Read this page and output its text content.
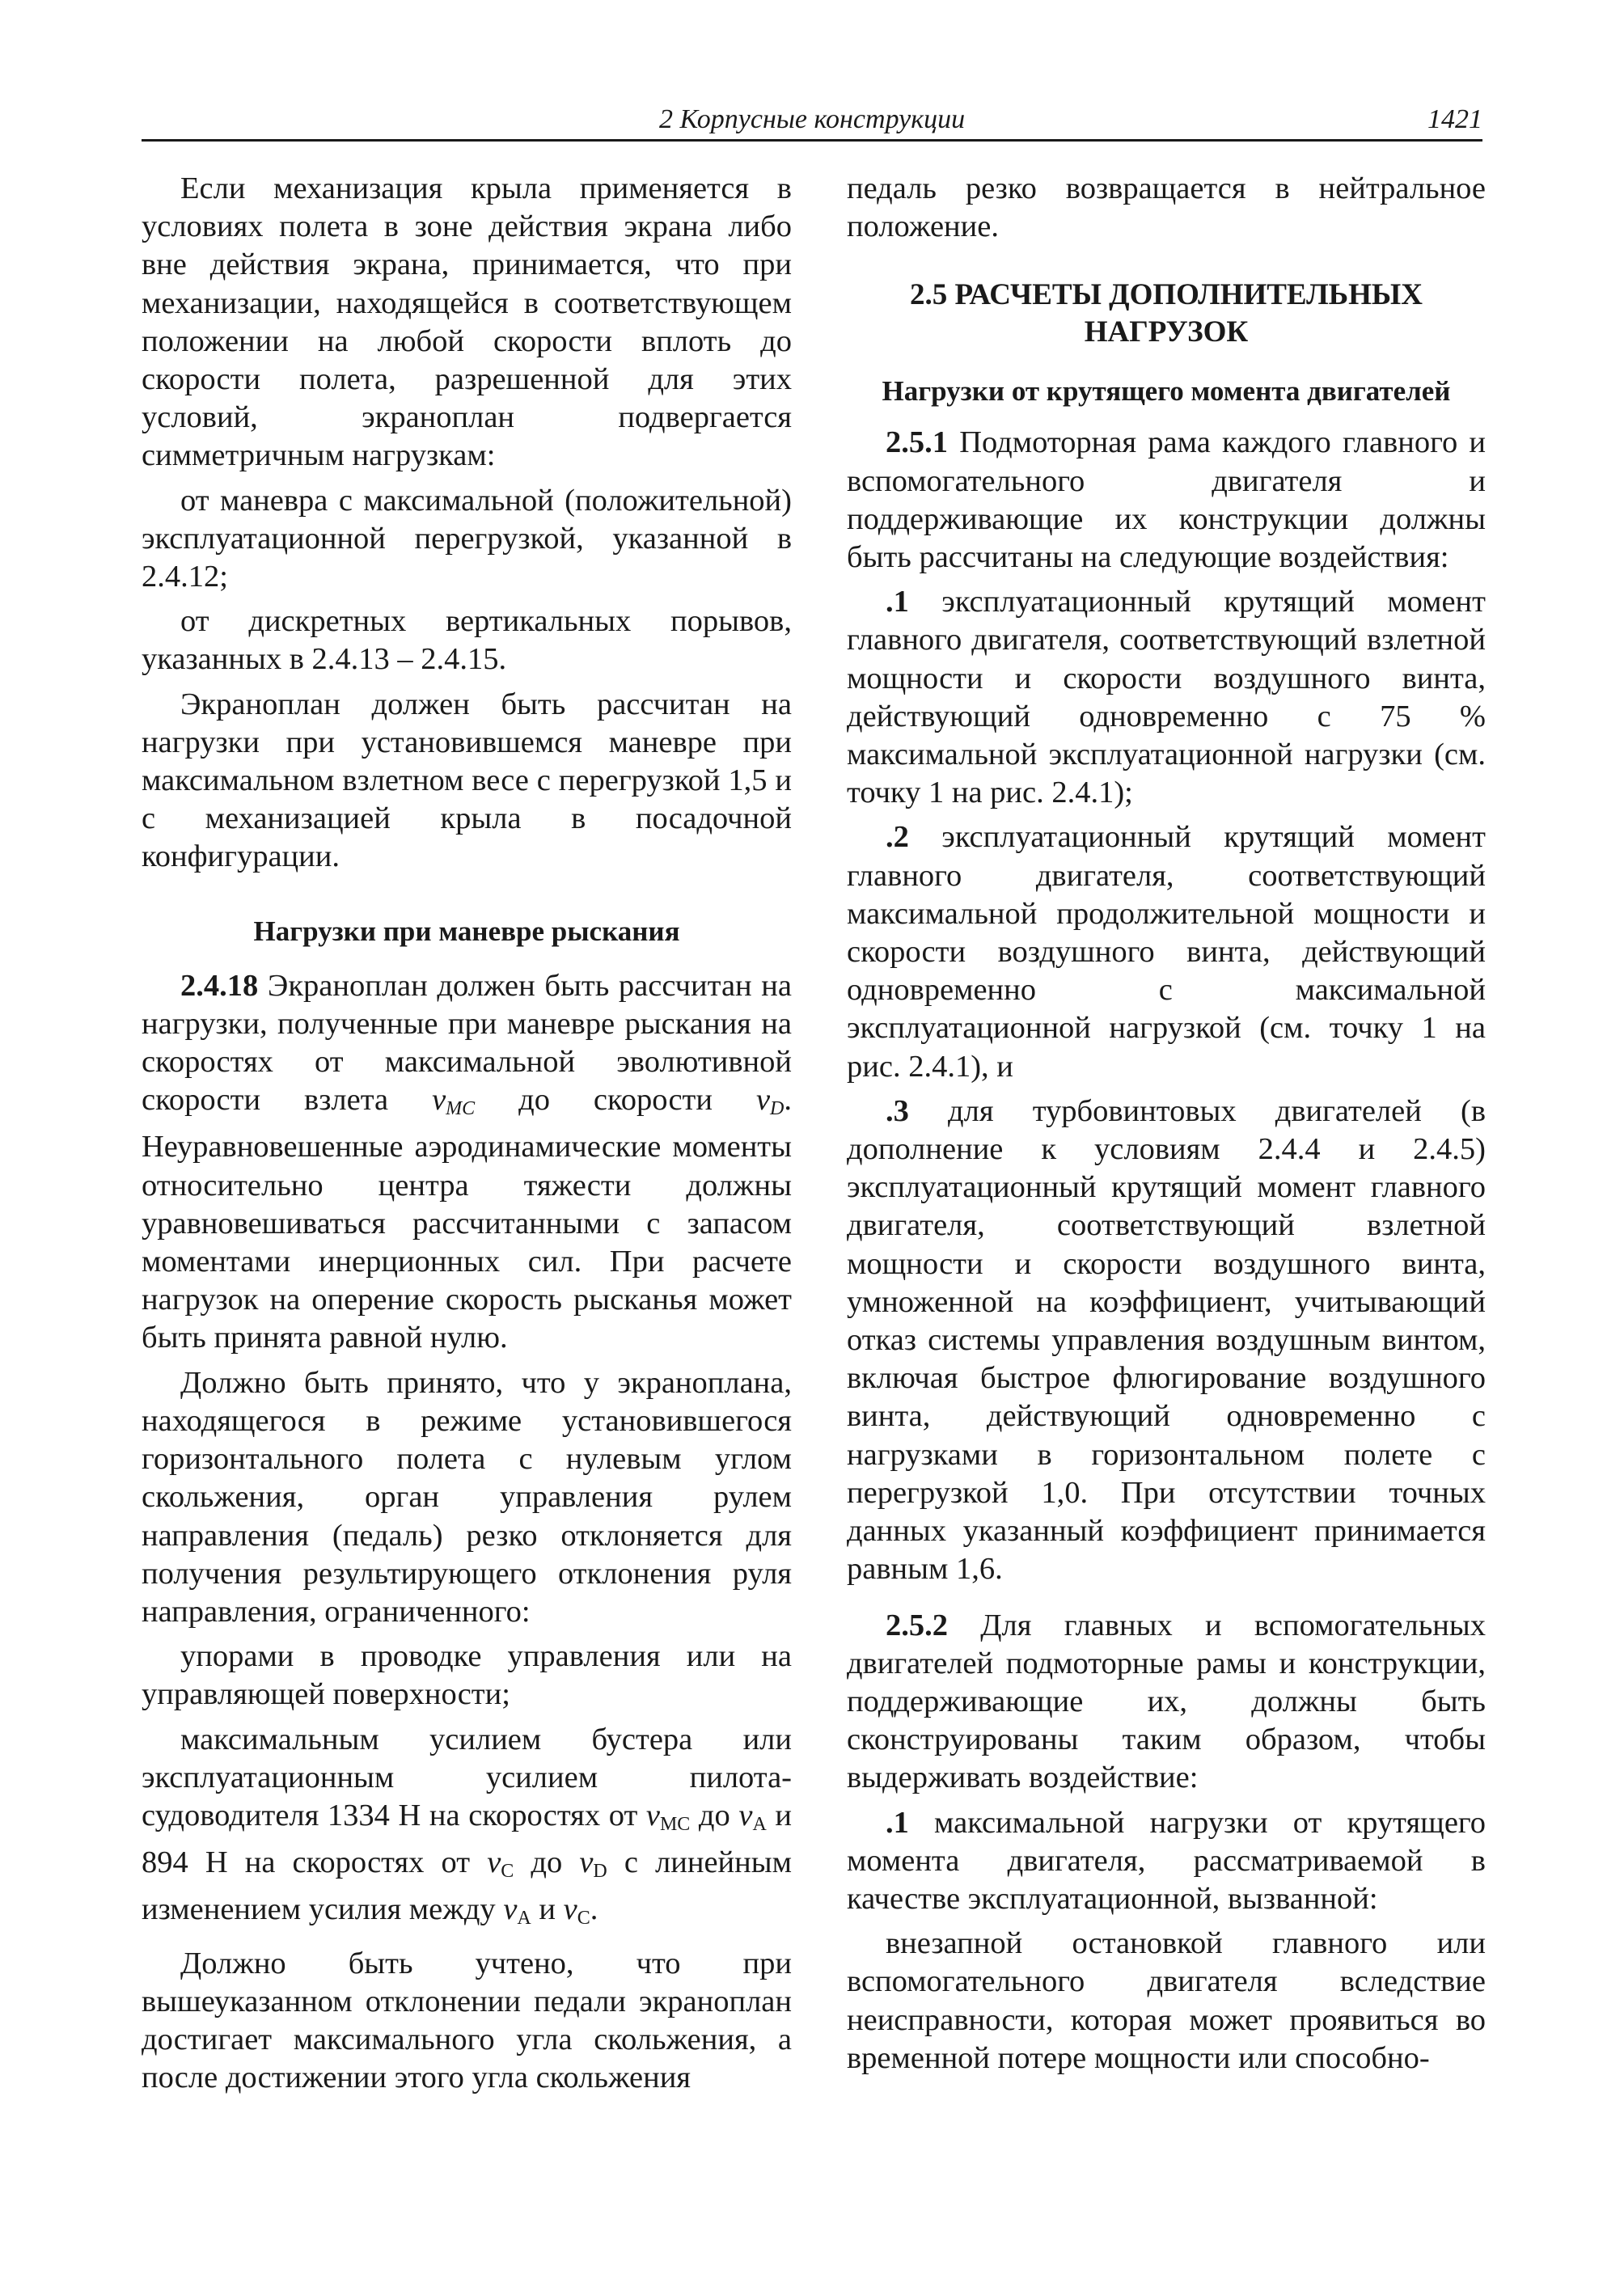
2 Корпусные конструкции	1421

Если механизация крыла применяется в условиях полета в зоне действия экрана либо вне действия экрана, принимается, что при механизации, находящейся в соответствующем положении на любой скорости вплоть до скорости полета, разрешенной для этих условий, экраноплан подвергается симметричным нагрузкам:

от маневра с максимальной (положительной) эксплуатационной перегрузкой, указанной в 2.4.12;

от дискретных вертикальных порывов, указанных в 2.4.13 – 2.4.15.

Экраноплан должен быть рассчитан на нагрузки при установившемся маневре при максимальном взлетном весе с перегрузкой 1,5 и с механизацией крыла в посадочной конфигурации.

Нагрузки при маневре рыскания

2.4.18 Экраноплан должен быть рассчитан на нагрузки, полученные при маневре рыскания на скоростях от максимальной эволютивной скорости взлета $v_{MC}$ до скорости $v_D$. Неуравновешенные аэродинамические моменты относительно центра тяжести должны уравновешиваться рассчитанными с запасом моментами инерционных сил. При расчете нагрузок на оперение скорость рысканья может быть принята равной нулю.

Должно быть принято, что у экраноплана, находящегося в режиме установившегося горизонтального полета с нулевым углом скольжения, орган управления рулем направления (педаль) резко отклоняется для получения результирующего отклонения руля направления, ограниченного:

упорами в проводке управления или на управляющей поверхности;

максимальным усилием бустера или эксплуатационным усилием пилота-судоводителя 1334 Н на скоростях от $v_{MC}$ до $v_A$ и 894 Н на скоростях от $v_C$ до $v_D$ с линейным изменением усилия между $v_A$ и $v_C$.

Должно быть учтено, что при вышеуказанном отклонении педали экраноплан достигает максимального угла скольжения, а после достижении этого угла скольжения

педаль резко возвращается в нейтральное положение.

2.5 РАСЧЕТЫ ДОПОЛНИТЕЛЬНЫХ НАГРУЗОК

Нагрузки от крутящего момента двигателей

2.5.1 Подмоторная рама каждого главного и вспомогательного двигателя и поддерживающие их конструкции должны быть рассчитаны на следующие воздействия:

.1 эксплуатационный крутящий момент главного двигателя, соответствующий взлетной мощности и скорости воздушного винта, действующий одновременно с 75 % максимальной эксплуатационной нагрузки (см. точку 1 на рис. 2.4.1);

.2 эксплуатационный крутящий момент главного двигателя, соответствующий максимальной продолжительной мощности и скорости воздушного винта, действующий одновременно с максимальной эксплуатационной нагрузкой (см. точку 1 на рис. 2.4.1), и

.3 для турбовинтовых двигателей (в дополнение к условиям 2.4.4 и 2.4.5) эксплуатационный крутящий момент главного двигателя, соответствующий взлетной мощности и скорости воздушного винта, умноженной на коэффициент, учитывающий отказ системы управления воздушным винтом, включая быстрое флюгирование воздушного винта, действующий одновременно с нагрузками в горизонтальном полете с перегрузкой 1,0. При отсутствии точных данных указанный коэффициент принимается равным 1,6.

2.5.2 Для главных и вспомогательных двигателей подмоторные рамы и конструкции, поддерживающие их, должны быть сконструированы таким образом, чтобы выдерживать воздействие:

.1 максимальной нагрузки от крутящего момента двигателя, рассматриваемой в качестве эксплуатационной, вызванной:

внезапной остановкой главного или вспомогательного двигателя вследствие неисправности, которая может проявиться во временной потере мощности или способно-
